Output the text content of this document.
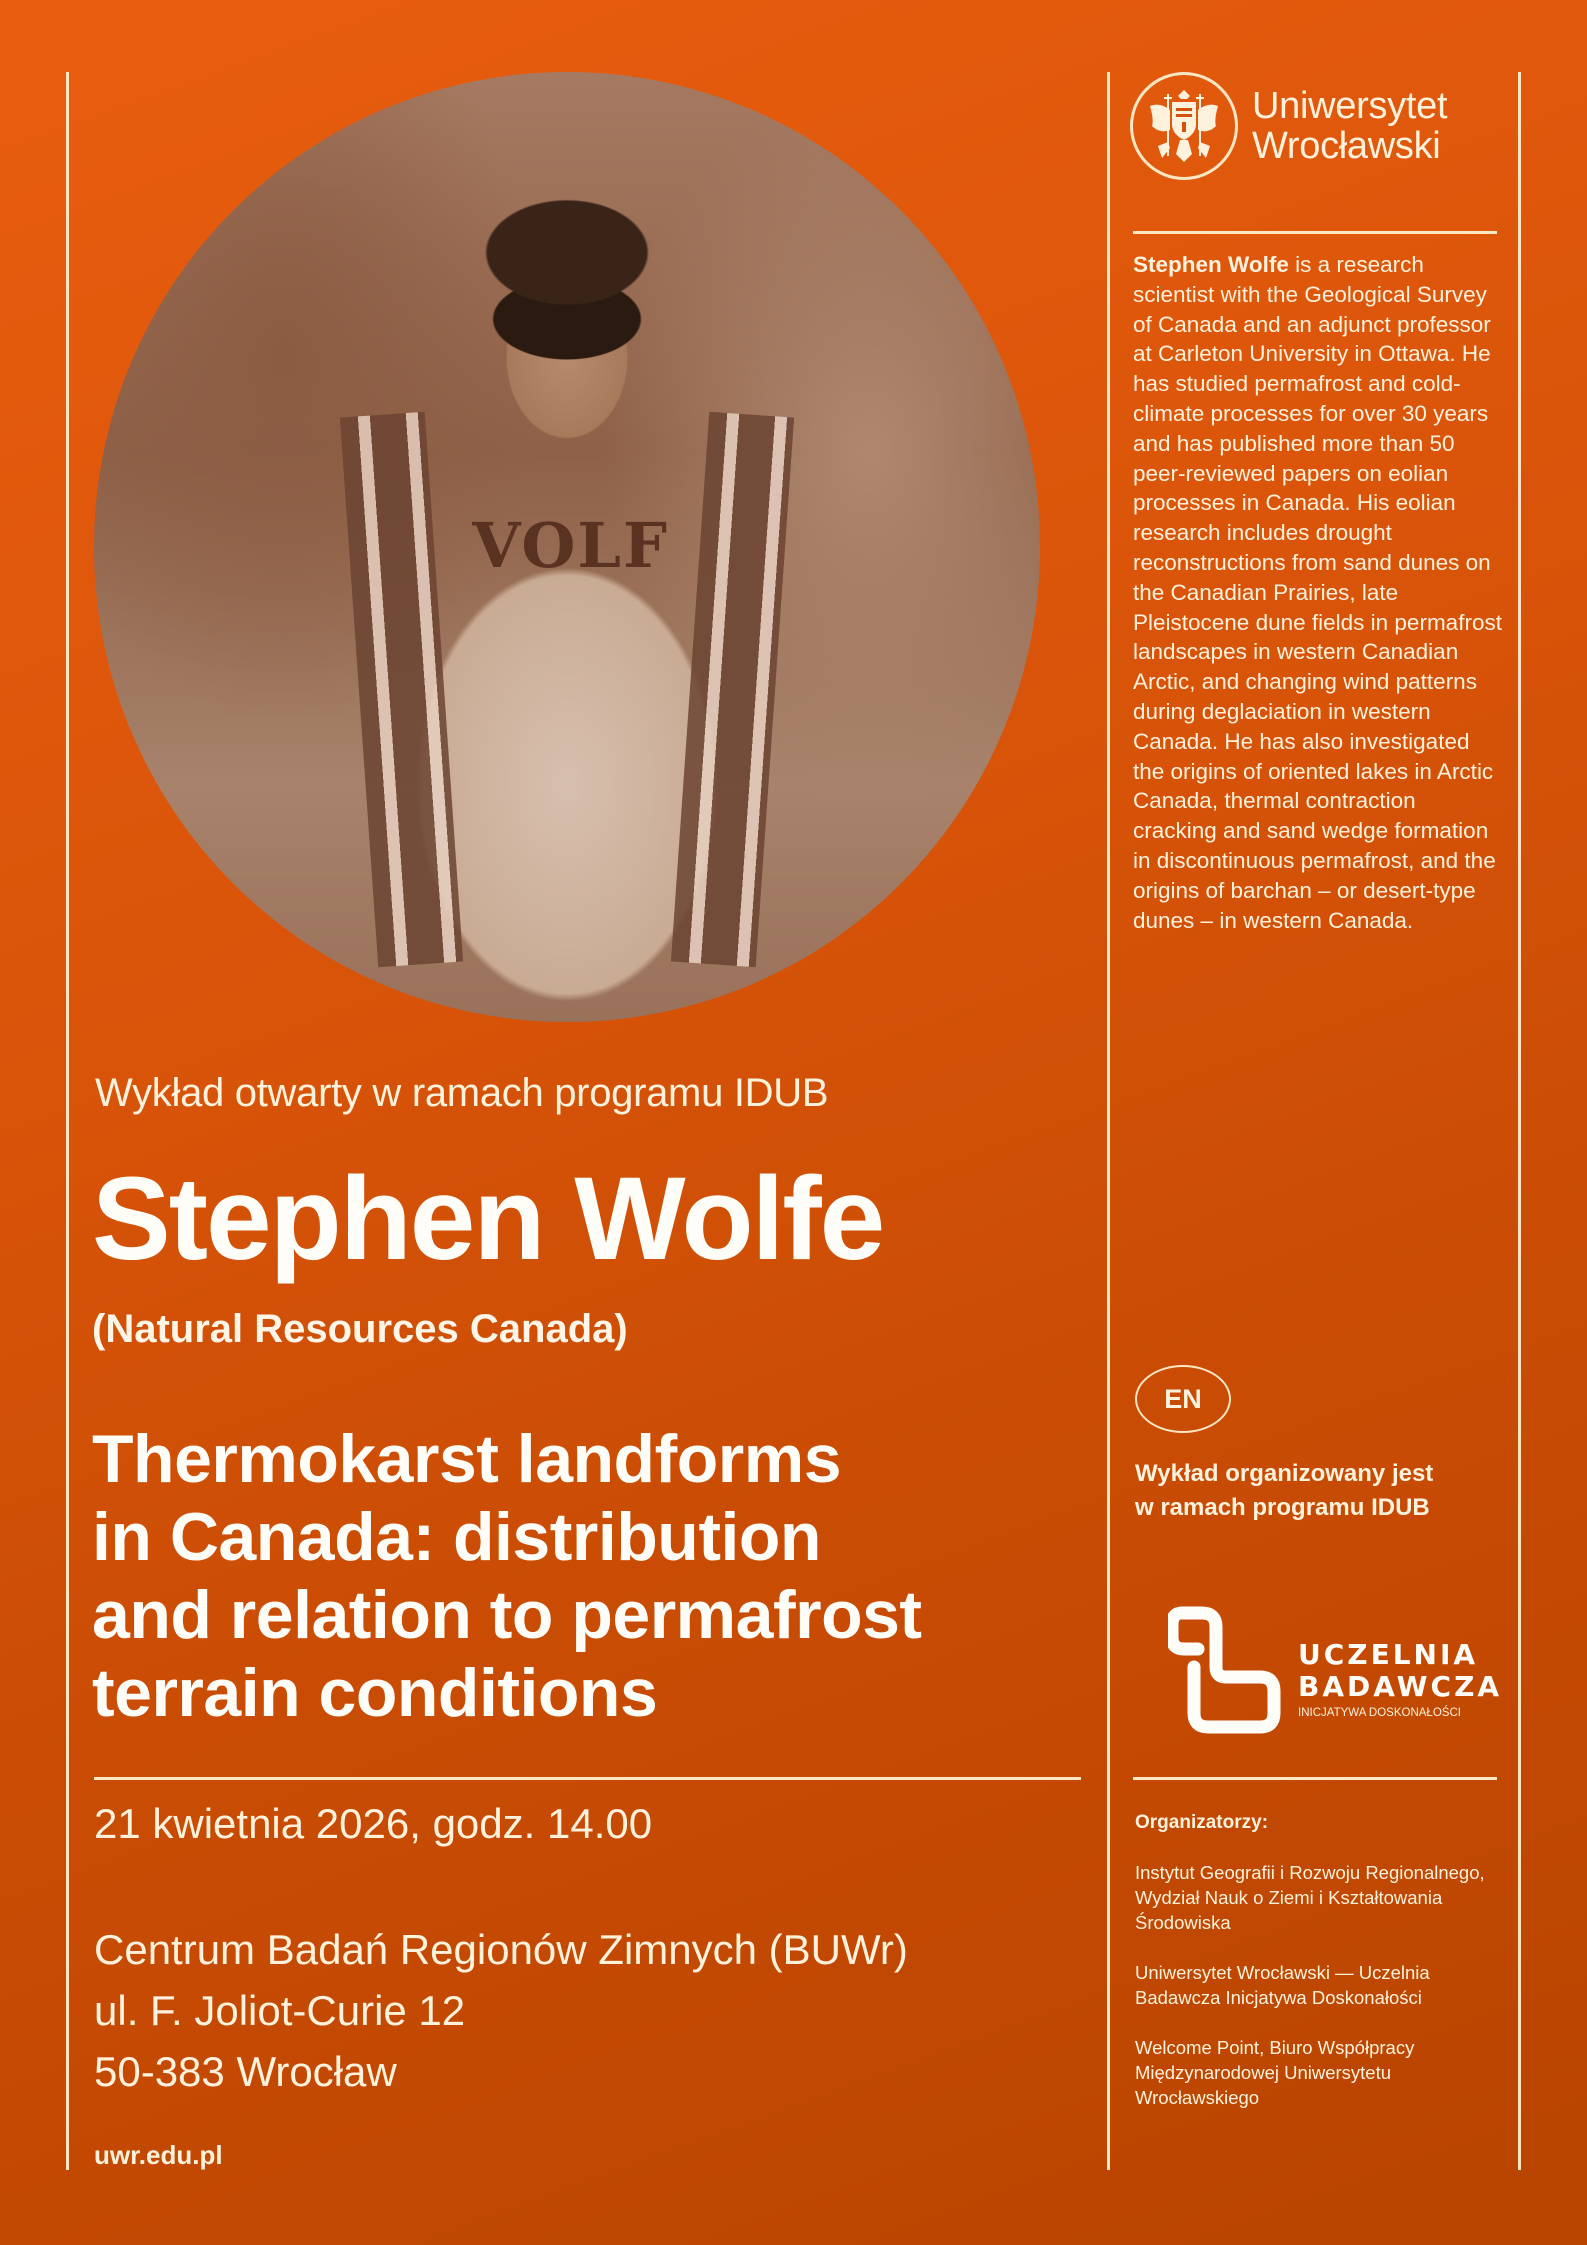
VOLF
Wykład otwarty w ramach programu IDUB
Stephen Wolfe
(Natural Resources Canada)
Thermokarst landforms
in Canada: distribution
and relation to permafrost
terrain conditions
21 kwietnia 2026, godz. 14.00
Centrum Badań Regionów Zimnych (BUWr)
ul. F. Joliot-Curie 12
50-383 Wrocław
uwr.edu.pl
Uniwersytet
Wrocławski
Stephen Wolfe is a research scientist with the Geological Survey of Canada and an adjunct professor at Carleton University in Ottawa. He has studied permafrost and cold-climate processes for over 30 years and has published more than 50 peer-reviewed papers on eolian processes in Canada. His eolian research includes drought reconstructions from sand dunes on the Canadian Prairies, late Pleistocene dune fields in permafrost landscapes in western Canadian Arctic, and changing wind patterns during deglaciation in western Canada. He has also investigated the origins of oriented lakes in Arctic Canada, thermal contraction cracking and sand wedge formation in discontinuous permafrost, and the origins of barchan – or desert-type dunes – in western Canada.
EN
Wykład organizowany jest
w ramach programu IDUB
UCZELNIA
BADAWCZA
INICJATYWA DOSKONAŁOŚCI
Organizatorzy:
Instytut Geografii i Rozwoju Regionalnego, Wydział Nauk o Ziemi i Kształtowania Środowiska
Uniwersytet Wrocławski — Uczelnia Badawcza Inicjatywa Doskonałości
Welcome Point, Biuro Współpracy Międzynarodowej Uniwersytetu Wrocławskiego
